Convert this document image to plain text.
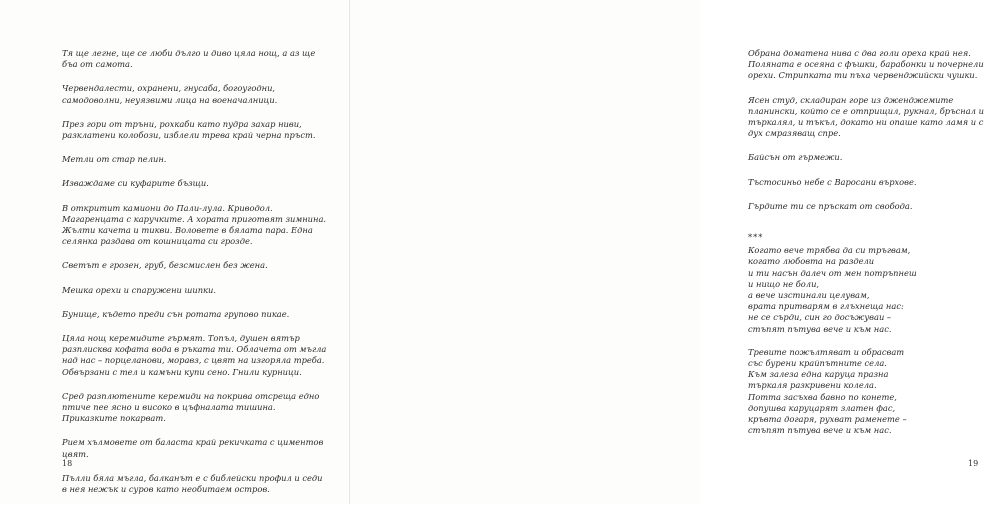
Тя ще легне, ще се люби дълго и диво цяла нощ, а аз ще бъа от самота.

Червендалести, охранени, гнусаба, богоугодни, самодоволни, неуязвими лица на военачалници.

През гори от тръни, рохкаби като пудра захар ниви, разклатени колобози, изблели трева край черна пръст.

Метли от стар пелин.

Изваждаме си куфарите бъзщи.

В откритит камиони до Пали-лула. Криводол. Магаренцата с каручките. А хората приготвят зимнина. Жълти качета и тикви. Воловете в бялата пара. Една селянка раздава от кошницата си грозде.

Светът е грозен, груб, безсмислен без жена.

Мешка орехи и спаружени шипки.

Бунище, където преди сън ротата групово пикае.

Цяла нощ керемидите гърмят. Топъл, душен вятър разплисква кофата вода в ръката ти. Облачета от мъгла над нас – порцеланови, моравз, с цвят на изгоряла треба. Обвързани с тел и камъни купи сено. Гнили курници.

Сред разплютените керемиди на покрива отсреща едно птиче пее ясно и високо в цъфналата тишина. Приказките покарват.

Рием хълмовете от баласта край рекичката с циментов цвят.

Пълли бяла мъгла, балканът е с библейски профил и седи в нея нежък и суров като необитаем остров.

18

Обрана доматена нива с два голи ореха край нея. Поляната е осеяна с фъшки, барабонки и почернели орехи. Стрипката ти пъха червенджийски чушки.

Ясен студ, складиран горе из дженджемите планински, който се е отприщил, рукнал, бръснал и търкалял, и тъкъл, докато ни опаше като ламя и с дух смразяващ спре.

Байсън от гърмежи.

Тъстосиньо небе с Варосани върхове.

Гърдите ти се пръскат от свобода.

***

Когато вече трябва да си тръгвам,
когато любовта на раздели
и ти насън далеч от мен потръпнеш
и нищо не боли,
а вече изстинали целувам,
врата притварям в глъхнеща нас:
не се сърди, син го досъжуваи –
стъпят пътува вече и към нас.
Тревите пожълтяват и обрасват
със бурени крайпътните села.
Към залеза една каруца празна
търкаля разкривени колела.
Потта засъхва бавно по конете,
допушва каруцарят златен фас,
кръвта догаря, рухват раменете –
стъпят пътува вече и към нас.
19
